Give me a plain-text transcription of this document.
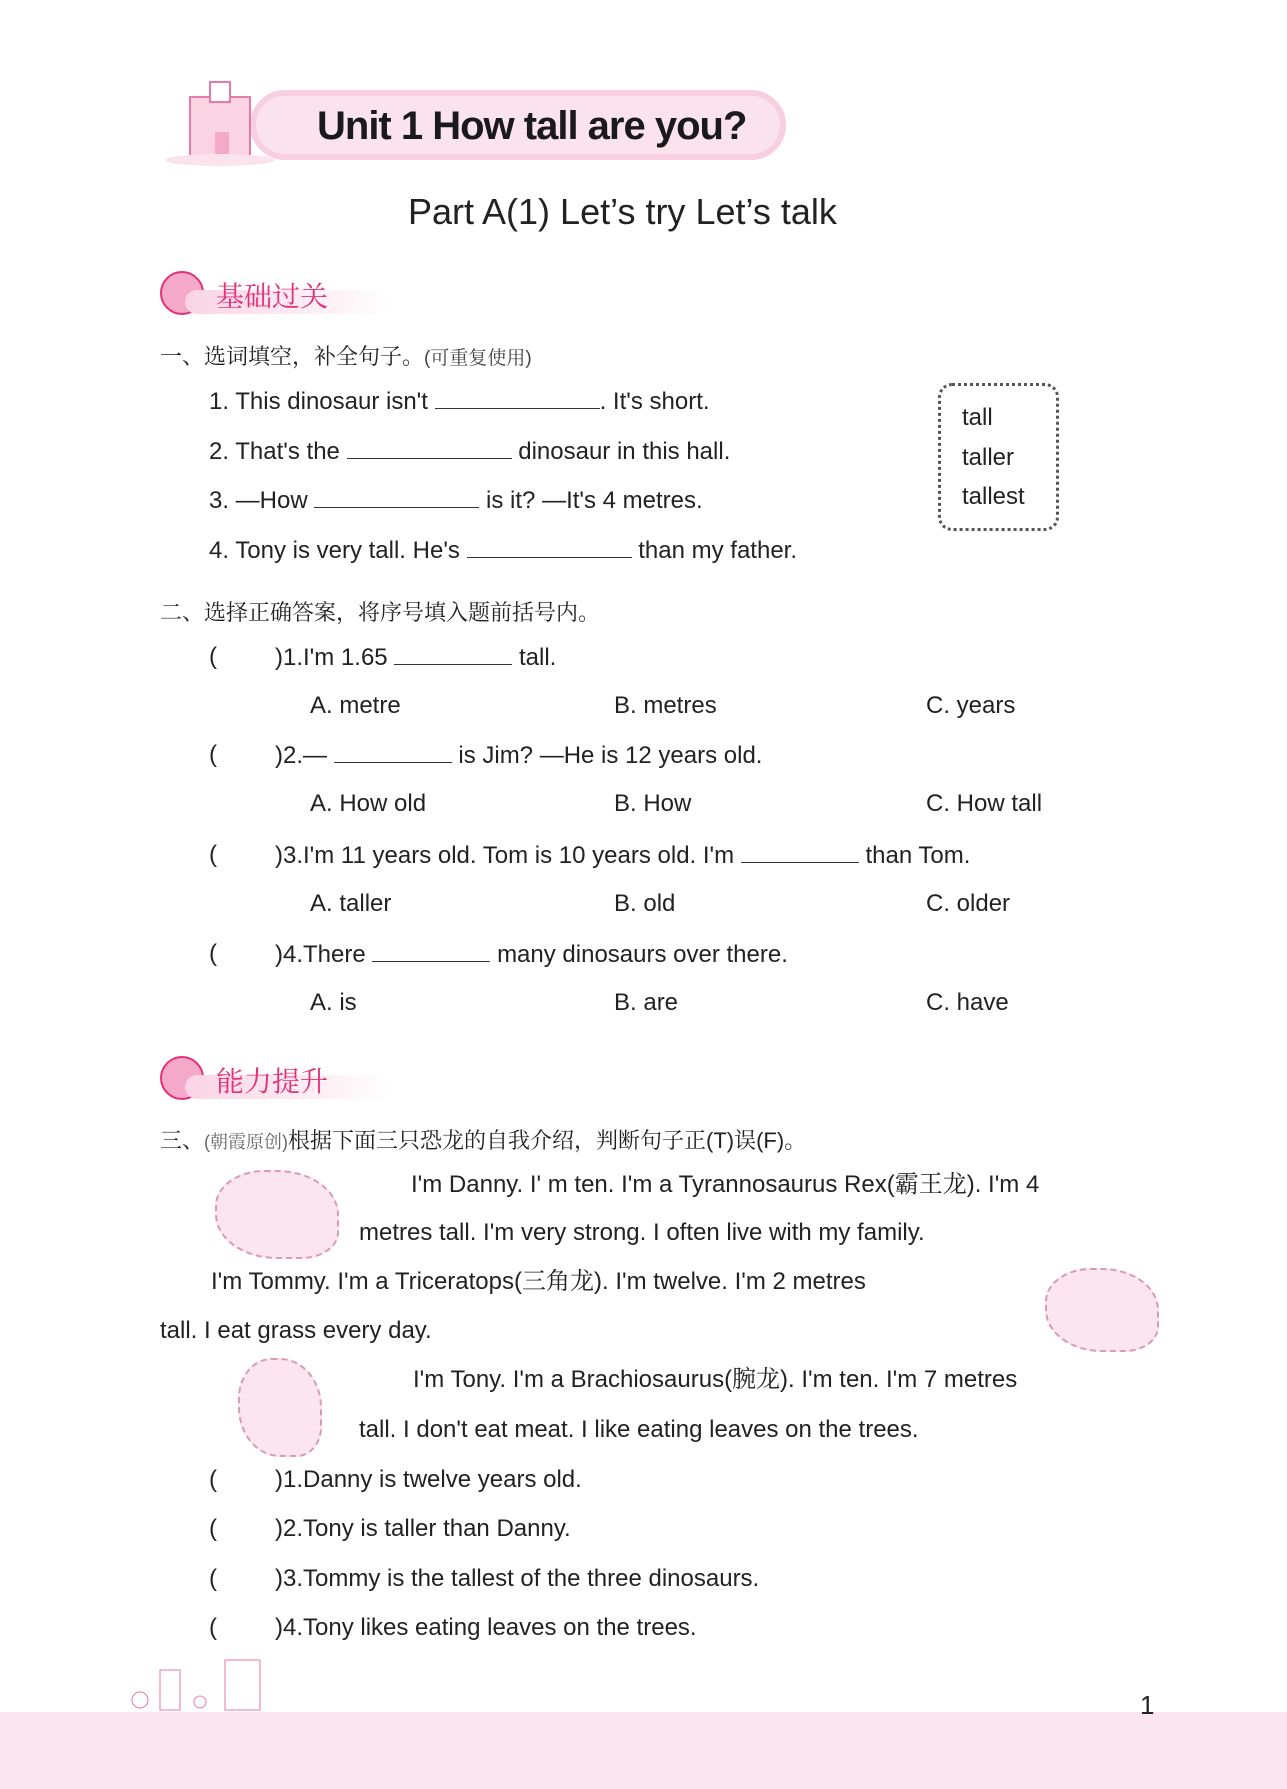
Unit 1 How tall are you?
Part A(1) Let’s try Let’s talk
基础过关
一、选词填空，补全句子。(可重复使用)
1. This dinosaur isn't	. It's short.
2. That's the	dinosaur in this hall.
3. —How	is it? —It's 4 metres.
4. Tony is very tall. He's	than my father.
tall
taller
tallest
二、选择正确答案，将序号填入题前括号内。
( )1.I'm 1.65	tall.
A. metre	B. metres	C. years
( )2.—	is Jim? —He is 12 years old.
A. How old	B. How	C. How tall
( )3.I'm 11 years old. Tom is 10 years old. I'm	than Tom.
A. taller	B. old	C. older
( )4.There	many dinosaurs over there.
A. is	B. are	C. have
能力提升
三、(朝霞原创)根据下面三只恐龙的自我介绍，判断句子正(T)误(F)。
I'm Danny. I' m ten. I'm a Tyrannosaurus Rex(霸王龙). I'm 4
metres tall. I'm very strong. I often live with my family.
I'm Tommy. I'm a Triceratops(三角龙). I'm twelve. I'm 2 metres
tall. I eat grass every day.
I'm Tony. I'm a Brachiosaurus(腕龙). I'm ten. I'm 7 metres
tall. I don't eat meat. I like eating leaves on the trees.
( )1.Danny is twelve years old.
( )2.Tony is taller than Danny.
( )3.Tommy is the tallest of the three dinosaurs.
( )4.Tony likes eating leaves on the trees.
1
